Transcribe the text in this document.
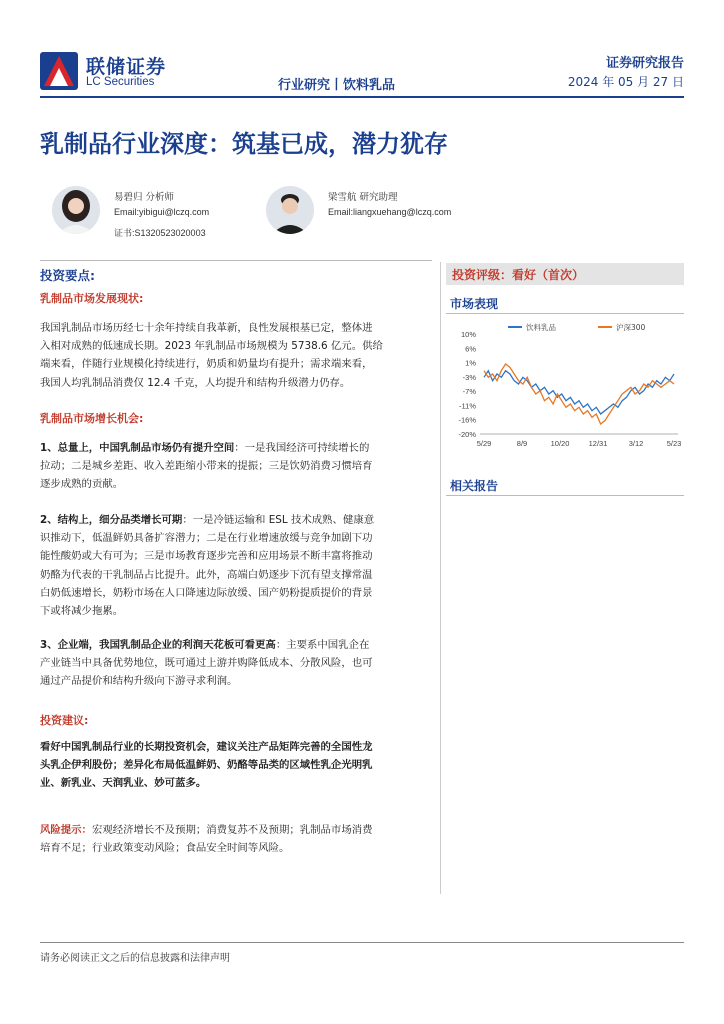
联储证券
LC Securities	行业研究丨饮料乳品
证券研究报告
2024 年 05 月 27 日
乳制品行业深度：筑基已成，潜力犹存
易碧归 分析师
Email:yibigui@lczq.com
证书:S1320523020003
梁雪航 研究助理
Email:liangxuehang@lczq.com
投资要点:
乳制品市场发展现状:
我国乳制品市场历经七十余年持续自我革新，良性发展根基已定，整体进
入相对成熟的低速成长期。2023 年乳制品市场规模为 5738.6 亿元。供给
端来看，伴随行业规模化持续进行，奶质和奶量均有提升；需求端来看，
我国人均乳制品消费仅 12.4 千克，人均提升和结构升级潜力仍存。
乳制品市场增长机会:
1、总量上，中国乳制品市场仍有提升空间：一是我国经济可持续增长的
拉动；二是城乡差距、收入差距缩小带来的提振；三是饮奶消费习惯培育
逐步成熟的贡献。
2、结构上，细分品类增长可期：一是冷链运输和 ESL 技术成熟、健康意
识推动下，低温鲜奶具备扩容潜力；二是在行业增速放缓与竞争加剧下功
能性酸奶或大有可为；三是市场教育逐步完善和应用场景不断丰富将推动
奶酪为代表的干乳制品占比提升。此外，高端白奶逐步下沉有望支撑常温
白奶低速增长，奶粉市场在人口降速边际放缓、国产奶粉提质提价的背景
下或将减少拖累。
3、企业端，我国乳制品企业的利润天花板可看更高：主要系中国乳企在
产业链当中具备优势地位，既可通过上游并购降低成本、分散风险，也可
通过产品提价和结构升级向下游寻求利润。
投资建议:
看好中国乳制品行业的长期投资机会，建议关注产品矩阵完善的全国性龙
头乳企伊利股份；差异化布局低温鲜奶、奶酪等品类的区域性乳企光明乳
业、新乳业、天润乳业、妙可蓝多。
风险提示：宏观经济增长不及预期；消费复苏不及预期；乳制品市场消费
培育不足；行业政策变动风险；食品安全时间等风险。
投资评级：看好（首次）
市场表现
10%
6%
1%
-3%
-7%
-11%
-16%
-20%
5/29	8/9	10/20	12/31	3/12	5/23
饮料乳品	沪深300
相关报告
请务必阅读正文之后的信息披露和法律声明
